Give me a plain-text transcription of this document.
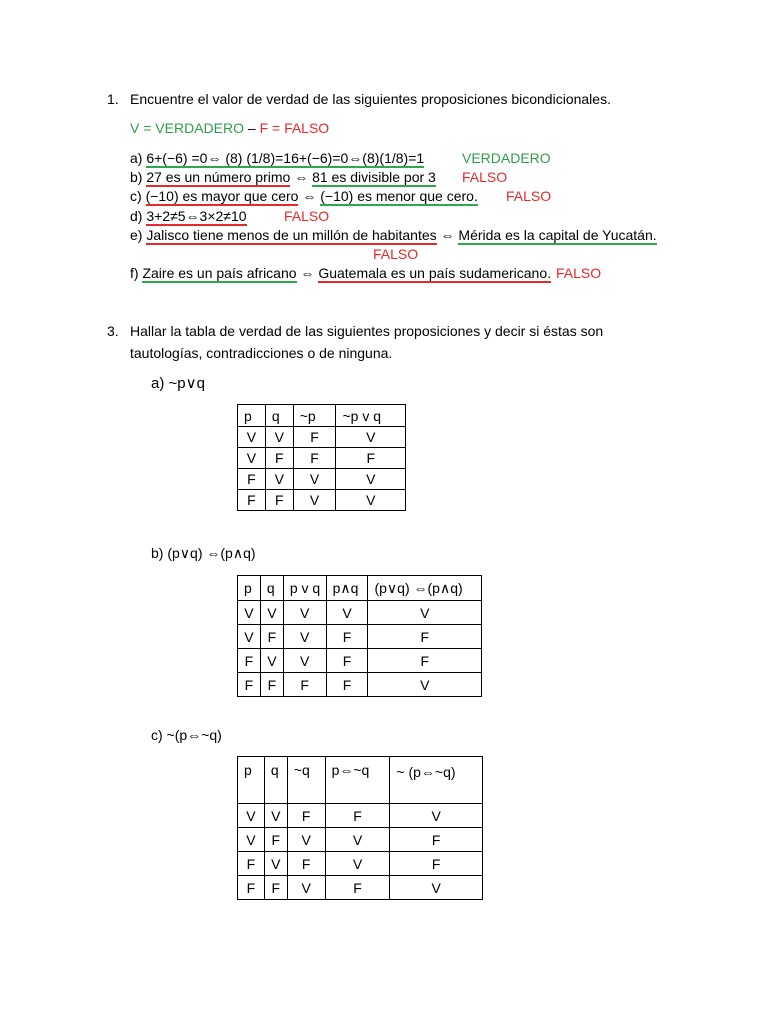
1. Encuentre el valor de verdad de las siguientes proposiciones bicondicionales.
V = VERDADERO – F = FALSO
a) 6+(−6) =0⇔ (8) (1/8)=16+(−6)=0⇔(8)(1/8)=1	VERDADERO
b) 27 es un número primo ⇔ 81 es divisible por 3 FALSO
c) (−10) es mayor que cero ⇔ (−10) es menor que cero. FALSO
d) 3+2≠5⇔3×2≠10	FALSO
e) Jalisco tiene menos de un millón de habitantes ⇔ Mérida es la capital de Yucatán.
FALSO
f) Zaire es un país africano ⇔ Guatemala es un país sudamericano. FALSO
3. Hallar la tabla de verdad de las siguientes proposiciones y decir si éstas son
tautologías, contradicciones o de ninguna.
a) ~p∨q
p	q	~p	~p v q
V	V	F	V
V	F	F	F
F	V	V	V
F	F	V	V
b) (p∨q) ⇔(p∧q)
p	q	p v q	p∧q	(p∨q) ⇔(p∧q)
V	V	V	V	V
V	F	V	F	F
F	V	V	F	F
F	F	F	F	V
c) ~(p⇔~q)
p	q	~q	p⇔~q	~ (p⇔~q)
V	V	F	F	V
V	F	V	V	F
F	V	F	V	F
F	F	V	F	V
